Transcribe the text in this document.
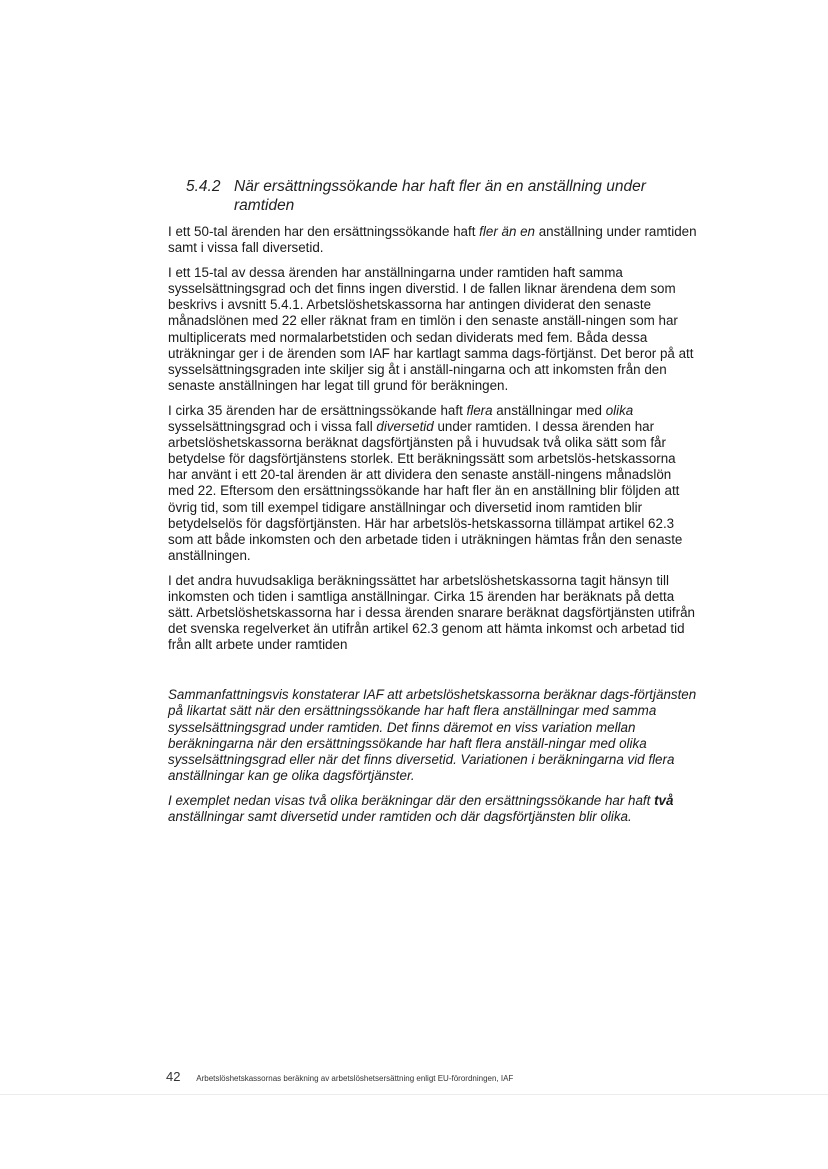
5.4.2 När ersättningssökande har haft fler än en anställning under ramtiden

I ett 50-tal ärenden har den ersättningssökande haft fler än en anställning under ramtiden samt i vissa fall diversetid.

I ett 15-tal av dessa ärenden har anställningarna under ramtiden haft samma sysselsättningsgrad och det finns ingen diverstid. I de fallen liknar ärendena dem som beskrivs i avsnitt 5.4.1. Arbetslöshetskassorna har antingen dividerat den senaste månadslönen med 22 eller räknat fram en timlön i den senaste anställ-ningen som har multiplicerats med normalarbetstiden och sedan dividerats med fem. Båda dessa uträkningar ger i de ärenden som IAF har kartlagt samma dags-förtjänst. Det beror på att sysselsättningsgraden inte skiljer sig åt i anställ-ningarna och att inkomsten från den senaste anställningen har legat till grund för beräkningen.

I cirka 35 ärenden har de ersättningssökande haft flera anställningar med olika sysselsättningsgrad och i vissa fall diversetid under ramtiden. I dessa ärenden har arbetslöshetskassorna beräknat dagsförtjänsten på i huvudsak två olika sätt som får betydelse för dagsförtjänstens storlek. Ett beräkningssätt som arbetslös-hetskassorna har använt i ett 20-tal ärenden är att dividera den senaste anställ-ningens månadslön med 22. Eftersom den ersättningssökande har haft fler än en anställning blir följden att övrig tid, som till exempel tidigare anställningar och diversetid inom ramtiden blir betydelselös för dagsförtjänsten. Här har arbetslös-hetskassorna tillämpat artikel 62.3 som att både inkomsten och den arbetade tiden i uträkningen hämtas från den senaste anställningen.

I det andra huvudsakliga beräkningssättet har arbetslöshetskassorna tagit hänsyn till inkomsten och tiden i samtliga anställningar. Cirka 15 ärenden har beräknats på detta sätt. Arbetslöshetskassorna har i dessa ärenden snarare beräknat dagsförtjänsten utifrån det svenska regelverket än utifrån artikel 62.3 genom att hämta inkomst och arbetad tid från allt arbete under ramtiden

Sammanfattningsvis konstaterar IAF att arbetslöshetskassorna beräknar dags-förtjänsten på likartat sätt när den ersättningssökande har haft flera anställningar med samma sysselsättningsgrad under ramtiden. Det finns däremot en viss variation mellan beräkningarna när den ersättningssökande har haft flera anställ-ningar med olika sysselsättningsgrad eller när det finns diversetid. Variationen i beräkningarna vid flera anställningar kan ge olika dagsförtjänster.

I exemplet nedan visas två olika beräkningar där den ersättningssökande har haft två anställningar samt diversetid under ramtiden och där dagsförtjänsten blir olika.

42 Arbetslöshetskassornas beräkning av arbetslöshetsersättning enligt EU-förordningen, IAF
